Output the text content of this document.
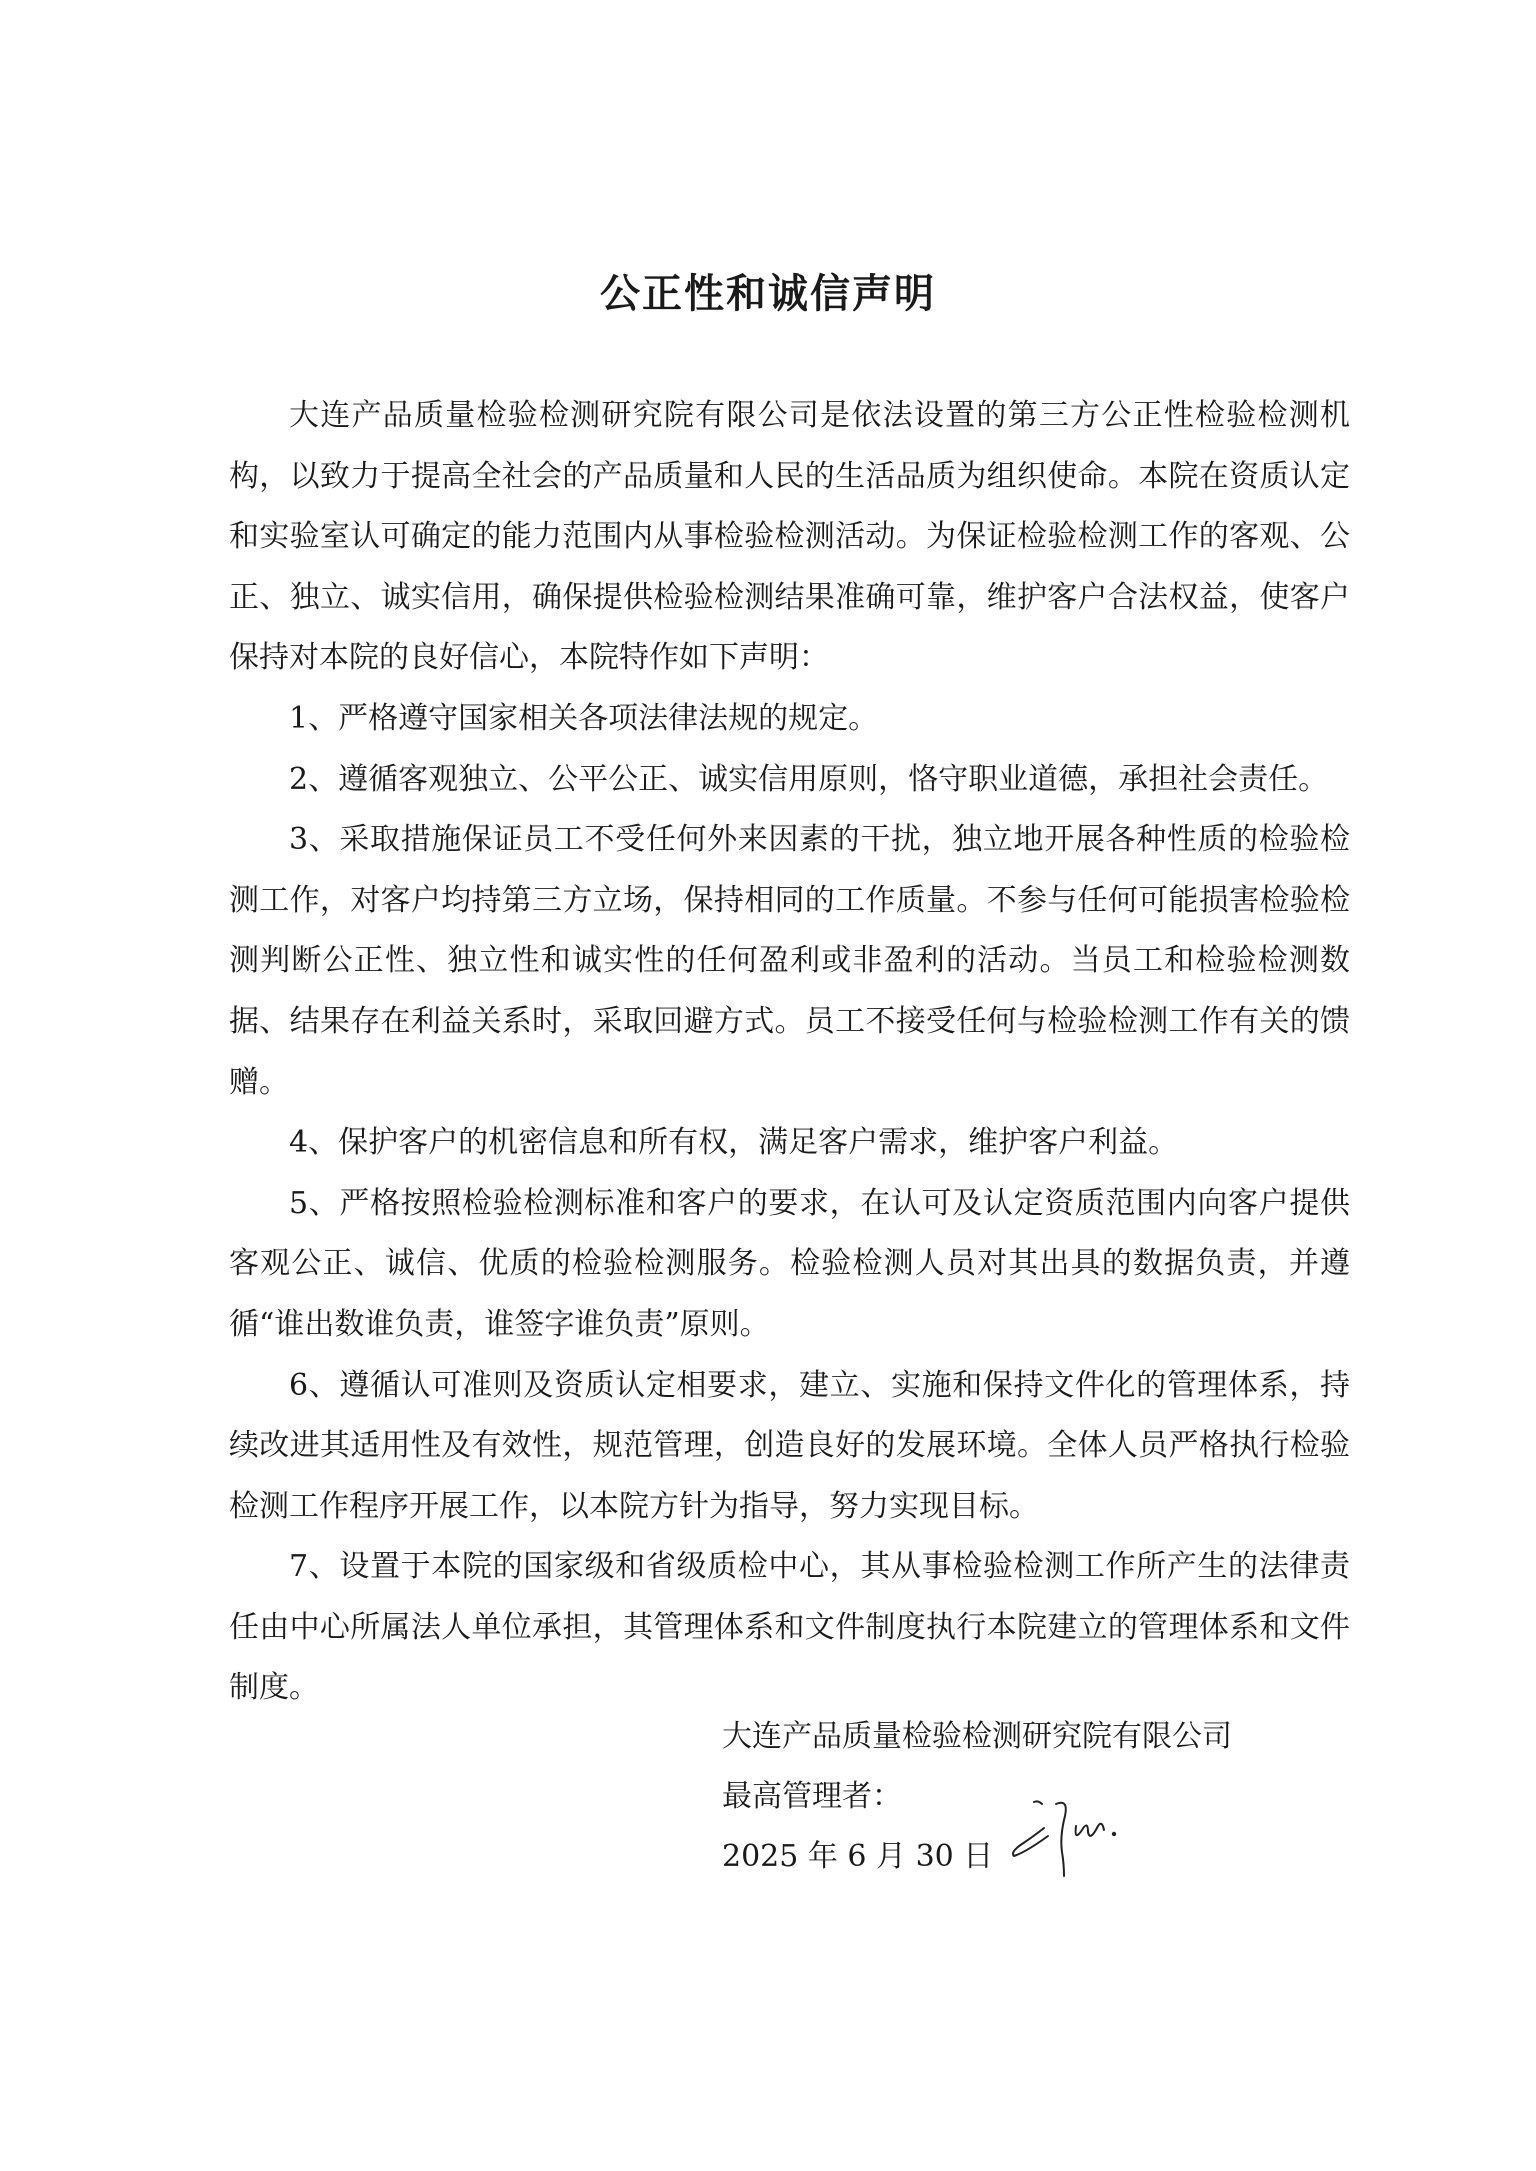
公正性和诚信声明

大连产品质量检验检测研究院有限公司是依法设置的第三方公正性检验检测机构，以致力于提高全社会的产品质量和人民的生活品质为组织使命。本院在资质认定和实验室认可确定的能力范围内从事检验检测活动。为保证检验检测工作的客观、公正、独立、诚实信用，确保提供检验检测结果准确可靠，维护客户合法权益，使客户保持对本院的良好信心，本院特作如下声明：

1、严格遵守国家相关各项法律法规的规定。

2、遵循客观独立、公平公正、诚实信用原则，恪守职业道德，承担社会责任。

3、采取措施保证员工不受任何外来因素的干扰，独立地开展各种性质的检验检测工作，对客户均持第三方立场，保持相同的工作质量。不参与任何可能损害检验检测判断公正性、独立性和诚实性的任何盈利或非盈利的活动。当员工和检验检测数据、结果存在利益关系时，采取回避方式。员工不接受任何与检验检测工作有关的馈赠。

4、保护客户的机密信息和所有权，满足客户需求，维护客户利益。

5、严格按照检验检测标准和客户的要求，在认可及认定资质范围内向客户提供客观公正、诚信、优质的检验检测服务。检验检测人员对其出具的数据负责，并遵循“谁出数谁负责，谁签字谁负责”原则。

6、遵循认可准则及资质认定相要求，建立、实施和保持文件化的管理体系，持续改进其适用性及有效性，规范管理，创造良好的发展环境。全体人员严格执行检验检测工作程序开展工作，以本院方针为指导，努力实现目标。

7、设置于本院的国家级和省级质检中心，其从事检验检测工作所产生的法律责任由中心所属法人单位承担，其管理体系和文件制度执行本院建立的管理体系和文件制度。

大连产品质量检验检测研究院有限公司
最高管理者：
2025 年 6 月 30 日
